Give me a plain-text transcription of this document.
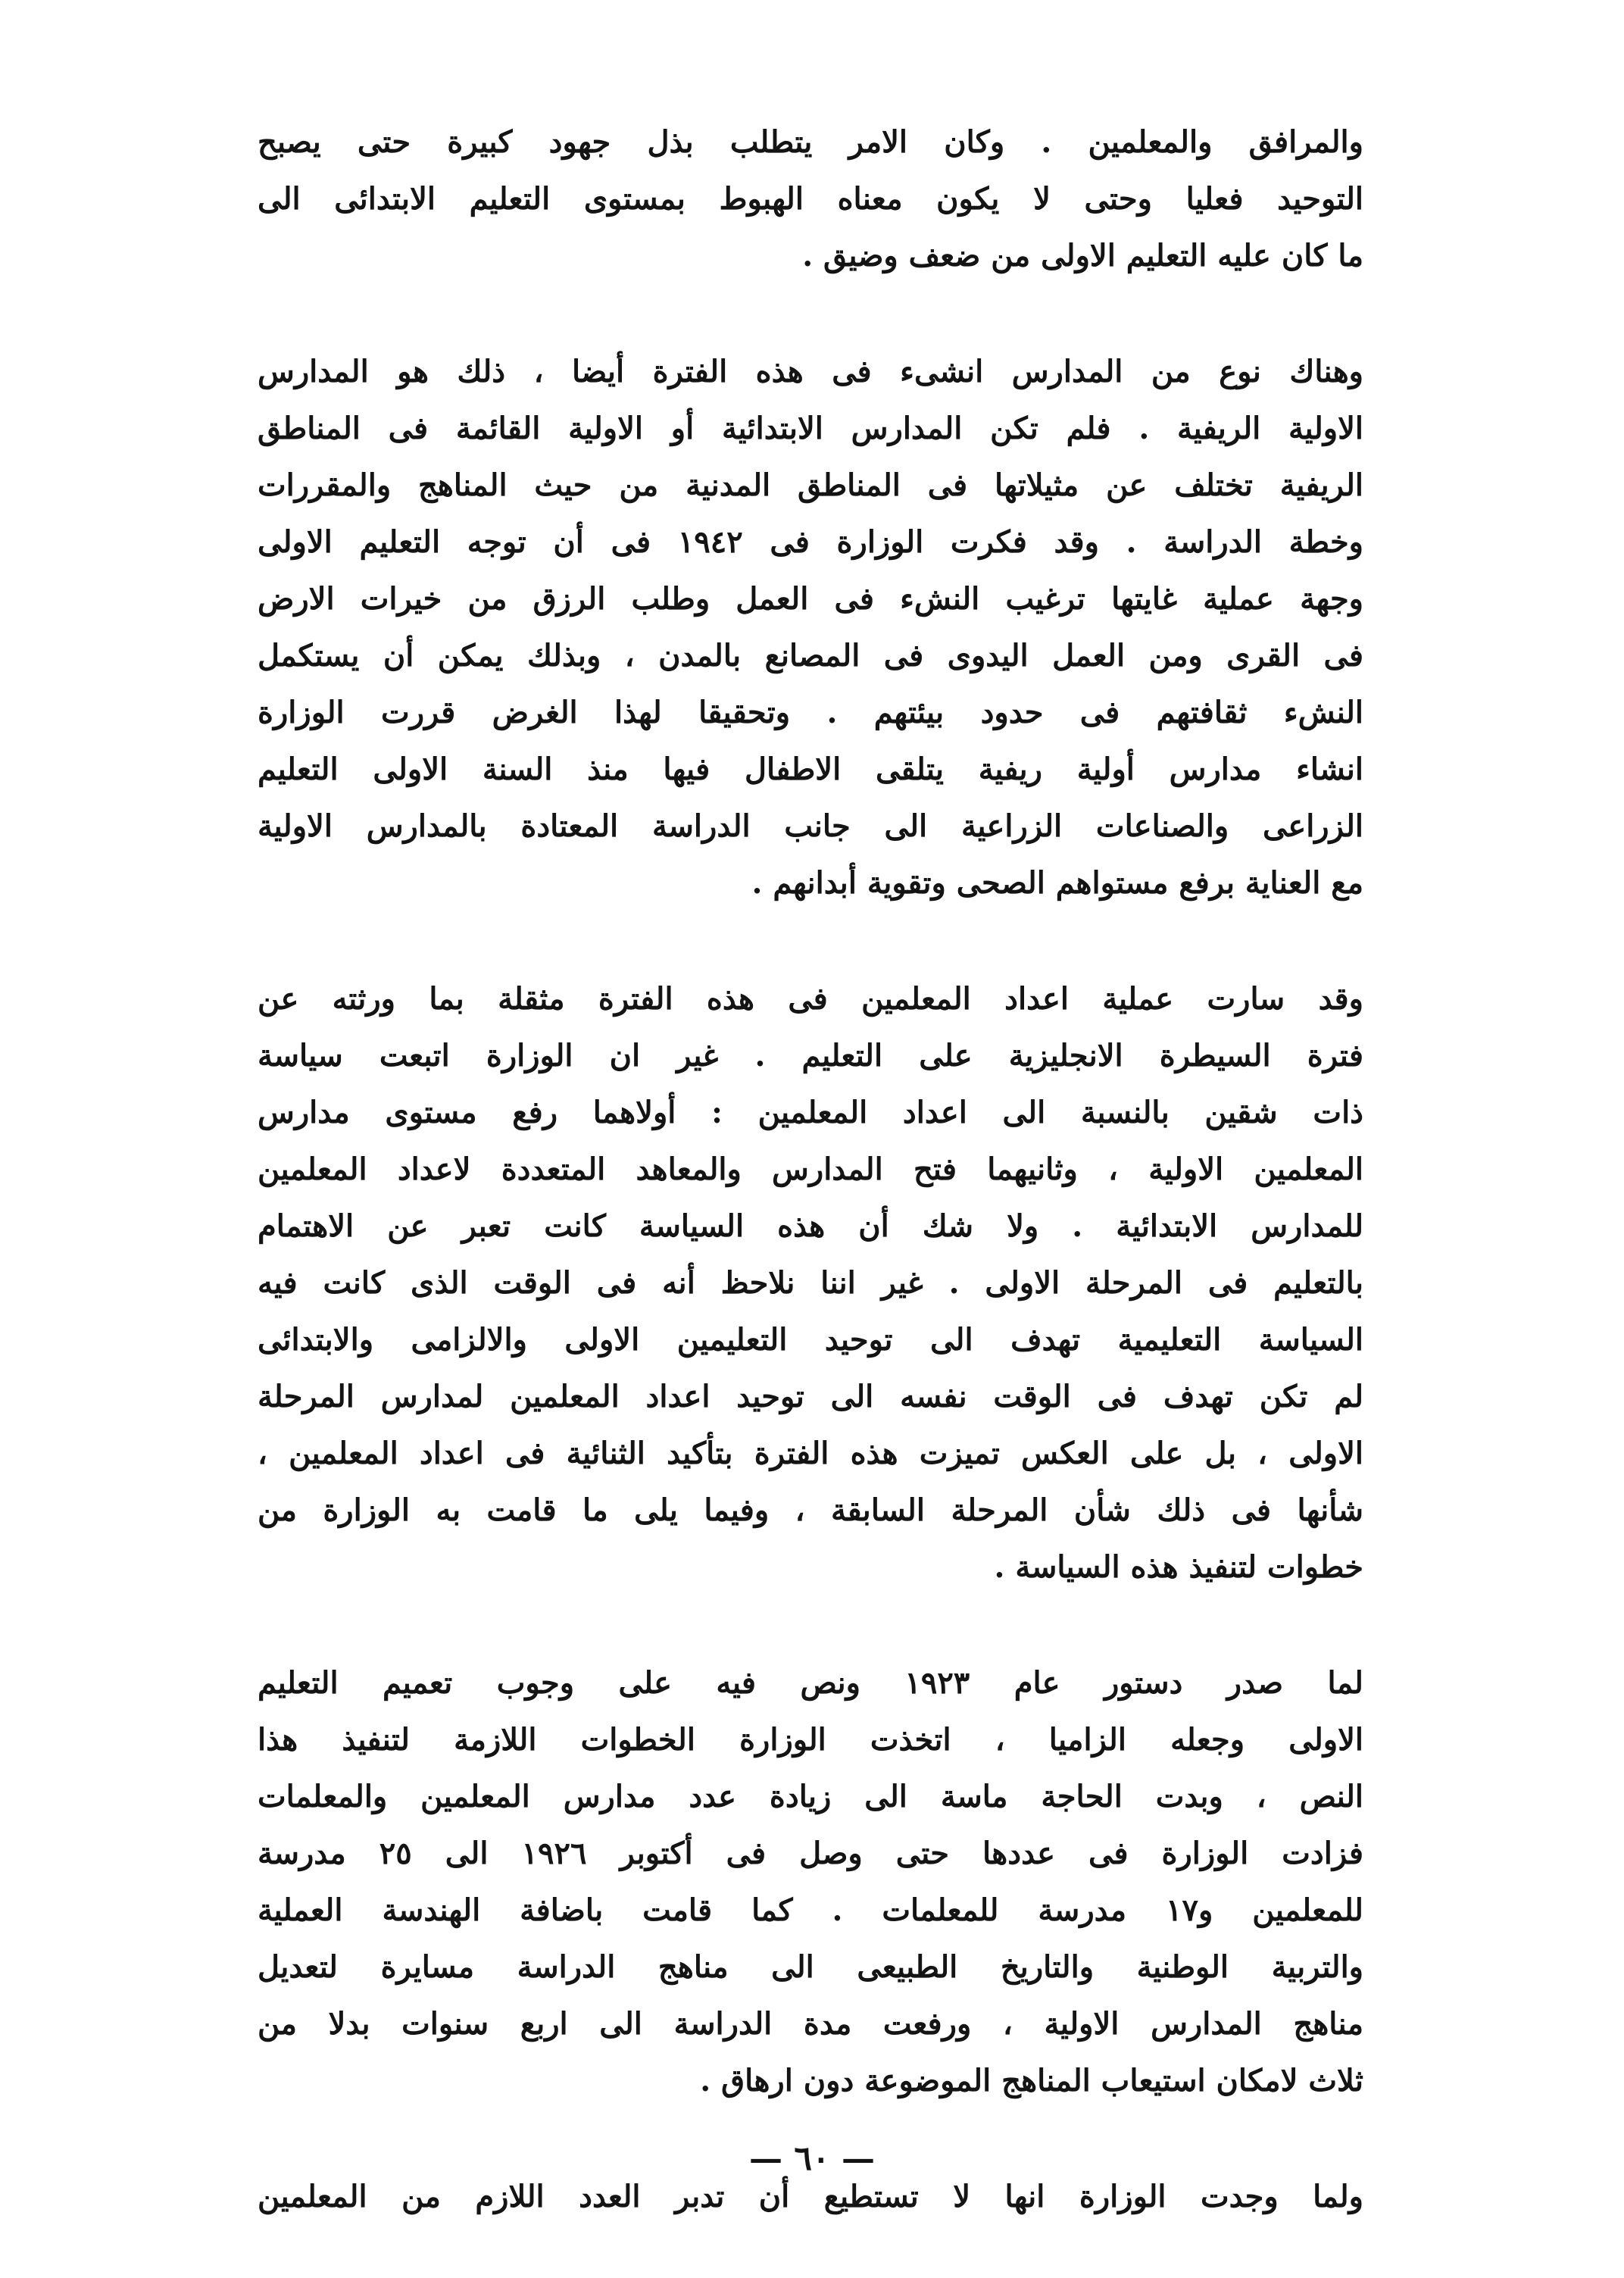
والمرافق والمعلمين . وكان الامر يتطلب بذل جهود كبيرة حتى يصبح
التوحيد فعليا وحتى لا يكون معناه الهبوط بمستوى التعليم الابتدائى الى
ما كان عليه التعليم الاولى من ضعف وضيق .
وهناك نوع من المدارس انشىء فى هذه الفترة أيضا ، ذلك هو المدارس
الاولية الريفية . فلم تكن المدارس الابتدائية أو الاولية القائمة فى المناطق
الريفية تختلف عن مثيلاتها فى المناطق المدنية من حيث المناهج والمقررات
وخطة الدراسة . وقد فكرت الوزارة فى ١٩٤٢ فى أن توجه التعليم الاولى
وجهة عملية غايتها ترغيب النشء فى العمل وطلب الرزق من خيرات الارض
فى القرى ومن العمل اليدوى فى المصانع بالمدن ، وبذلك يمكن أن يستكمل
النشء ثقافتهم فى حدود بيئتهم . وتحقيقا لهذا الغرض قررت الوزارة
انشاء مدارس أولية ريفية يتلقى الاطفال فيها منذ السنة الاولى التعليم
الزراعى والصناعات الزراعية الى جانب الدراسة المعتادة بالمدارس الاولية
مع العناية برفع مستواهم الصحى وتقوية أبدانهم .
وقد سارت عملية اعداد المعلمين فى هذه الفترة مثقلة بما ورثته عن
فترة السيطرة الانجليزية على التعليم . غير ان الوزارة اتبعت سياسة
ذات شقين بالنسبة الى اعداد المعلمين : أولاهما رفع مستوى مدارس
المعلمين الاولية ، وثانيهما فتح المدارس والمعاهد المتعددة لاعداد المعلمين
للمدارس الابتدائية . ولا شك أن هذه السياسة كانت تعبر عن الاهتمام
بالتعليم فى المرحلة الاولى . غير اننا نلاحظ أنه فى الوقت الذى كانت فيه
السياسة التعليمية تهدف الى توحيد التعليمين الاولى والالزامى والابتدائى
لم تكن تهدف فى الوقت نفسه الى توحيد اعداد المعلمين لمدارس المرحلة
الاولى ، بل على العكس تميزت هذه الفترة بتأكيد الثنائية فى اعداد المعلمين ،
شأنها فى ذلك شأن المرحلة السابقة ، وفيما يلى ما قامت به الوزارة من
خطوات لتنفيذ هذه السياسة .
لما صدر دستور عام ١٩٢٣ ونص فيه على وجوب تعميم التعليم
الاولى وجعله الزاميا ، اتخذت الوزارة الخطوات اللازمة لتنفيذ هذا
النص ، وبدت الحاجة ماسة الى زيادة عدد مدارس المعلمين والمعلمات
فزادت الوزارة فى عددها حتى وصل فى أكتوبر ١٩٢٦ الى ٢٥ مدرسة
للمعلمين و١٧ مدرسة للمعلمات . كما قامت باضافة الهندسة العملية
والتربية الوطنية والتاريخ الطبيعى الى مناهج الدراسة مسايرة لتعديل
مناهج المدارس الاولية ، ورفعت مدة الدراسة الى اربع سنوات بدلا من
ثلاث لامكان استيعاب المناهج الموضوعة دون ارهاق .
ولما وجدت الوزارة انها لا تستطيع أن تدبر العدد اللازم من المعلمين
— ٦٠ —
